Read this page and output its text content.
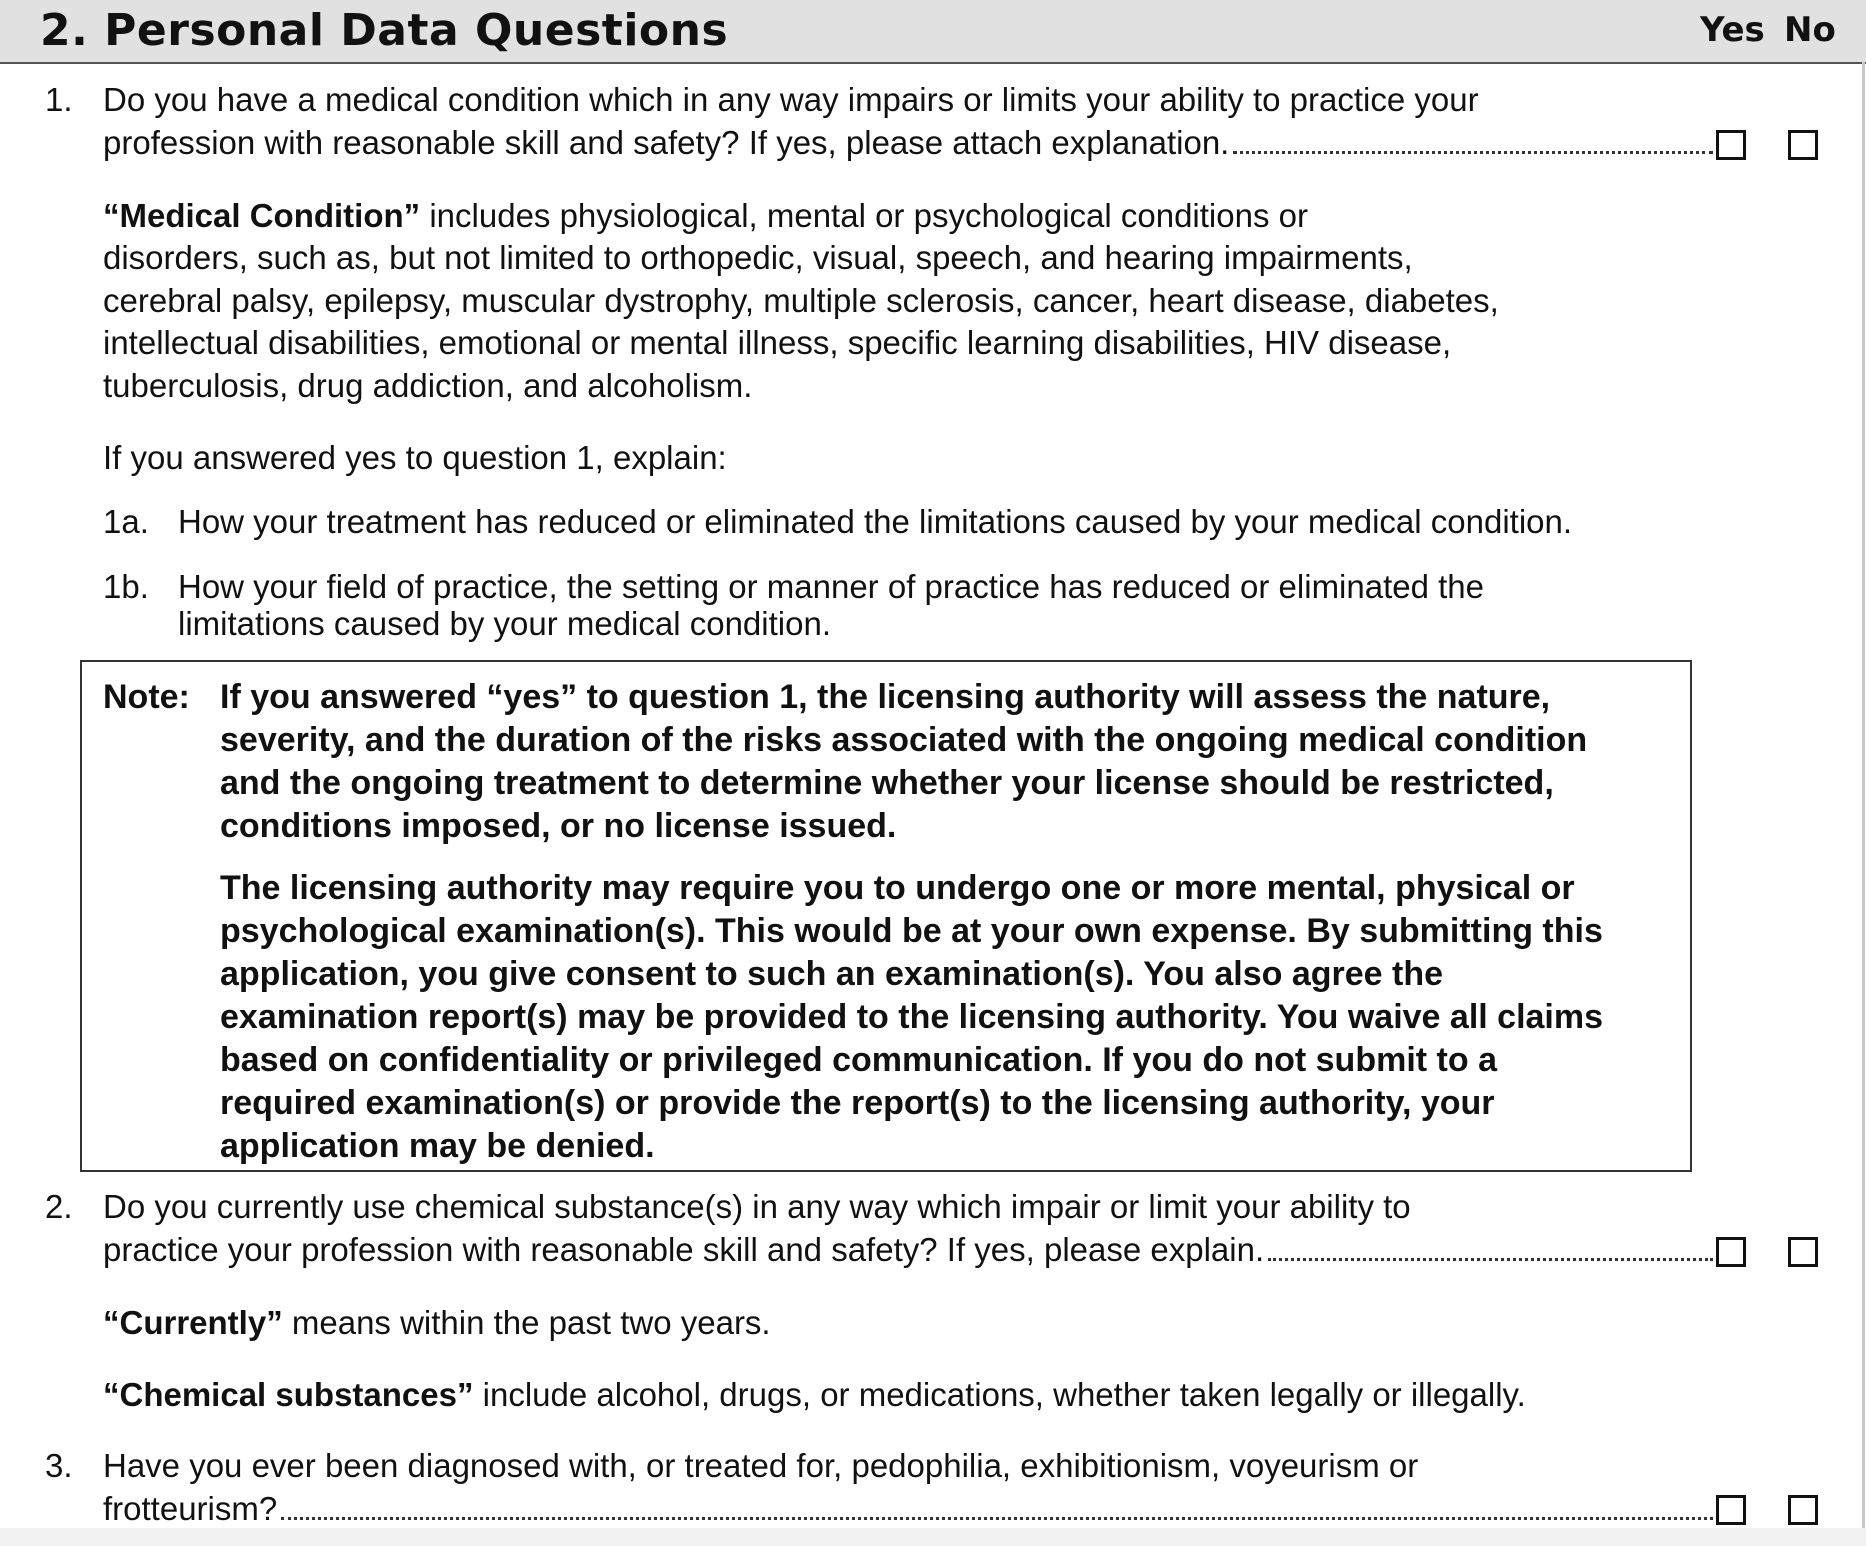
2. Personal Data Questions	Yes No
1. Do you have a medical condition which in any way impairs or limits your ability to practice your
profession with reasonable skill and safety? If yes, please attach explanation.
“Medical Condition” includes physiological, mental or psychological conditions or
disorders, such as, but not limited to orthopedic, visual, speech, and hearing impairments,
cerebral palsy, epilepsy, muscular dystrophy, multiple sclerosis, cancer, heart disease, diabetes,
intellectual disabilities, emotional or mental illness, specific learning disabilities, HIV disease,
tuberculosis, drug addiction, and alcoholism.
If you answered yes to question 1, explain:
1a. How your treatment has reduced or eliminated the limitations caused by your medical condition.
1b. How your field of practice, the setting or manner of practice has reduced or eliminated the
limitations caused by your medical condition.
Note: If you answered “yes” to question 1, the licensing authority will assess the nature,
severity, and the duration of the risks associated with the ongoing medical condition
and the ongoing treatment to determine whether your license should be restricted,
conditions imposed, or no license issued.
The licensing authority may require you to undergo one or more mental, physical or
psychological examination(s). This would be at your own expense. By submitting this
application, you give consent to such an examination(s). You also agree the
examination report(s) may be provided to the licensing authority. You waive all claims
based on confidentiality or privileged communication. If you do not submit to a
required examination(s) or provide the report(s) to the licensing authority, your
application may be denied.
2. Do you currently use chemical substance(s) in any way which impair or limit your ability to
practice your profession with reasonable skill and safety? If yes, please explain.
“Currently” means within the past two years.
“Chemical substances” include alcohol, drugs, or medications, whether taken legally or illegally.
3. Have you ever been diagnosed with, or treated for, pedophilia, exhibitionism, voyeurism or
frotteurism?
